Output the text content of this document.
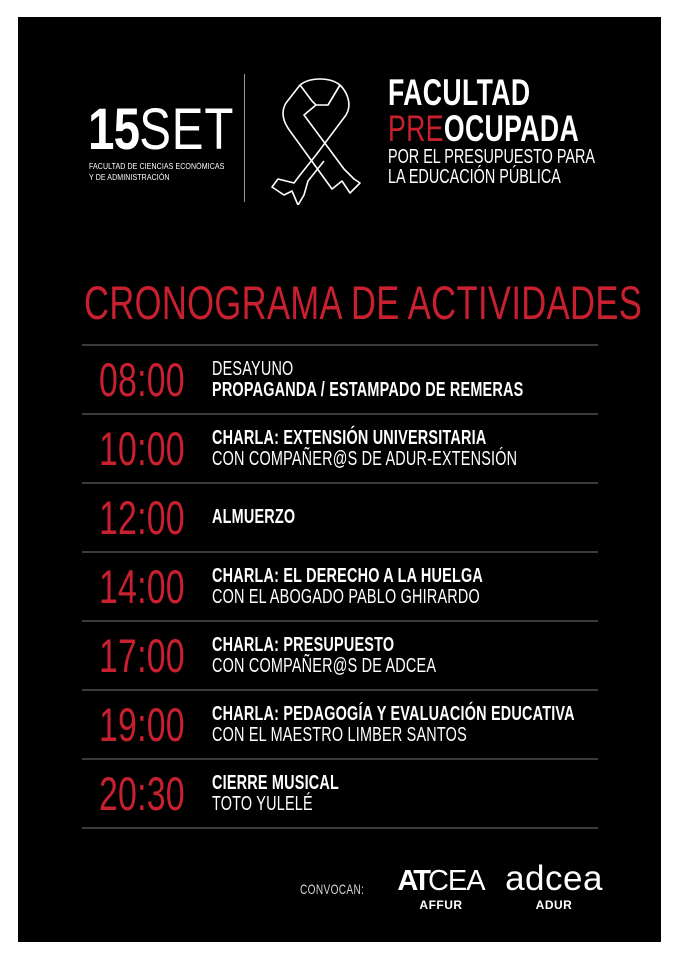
15SET
FACULTAD DE CIENCIAS ECONÓMICAS
Y DE ADMINISTRACIÓN
FACULTAD
PREOCUPADA
POR EL PRESUPUESTO PARA
LA EDUCACIÓN PÚBLICA
CRONOGRAMA DE ACTIVIDADES
08:00 DESAYUNO
PROPAGANDA / ESTAMPADO DE REMERAS
10:00 CHARLA: EXTENSIÓN UNIVERSITARIA
CON COMPAÑER@S DE ADUR-EXTENSIÓN
12:00 ALMUERZO
14:00 CHARLA: EL DERECHO A LA HUELGA
CON EL ABOGADO PABLO GHIRARDO
17:00 CHARLA: PRESUPUESTO
CON COMPAÑER@S DE ADCEA
19:00 CHARLA: PEDAGOGÍA Y EVALUACIÓN EDUCATIVA
CON EL MAESTRO LIMBER SANTOS
20:30 CIERRE MUSICAL
TOTO YULELÉ
CONVOCAN: ATCEA
AFFUR
adcea
ADUR
